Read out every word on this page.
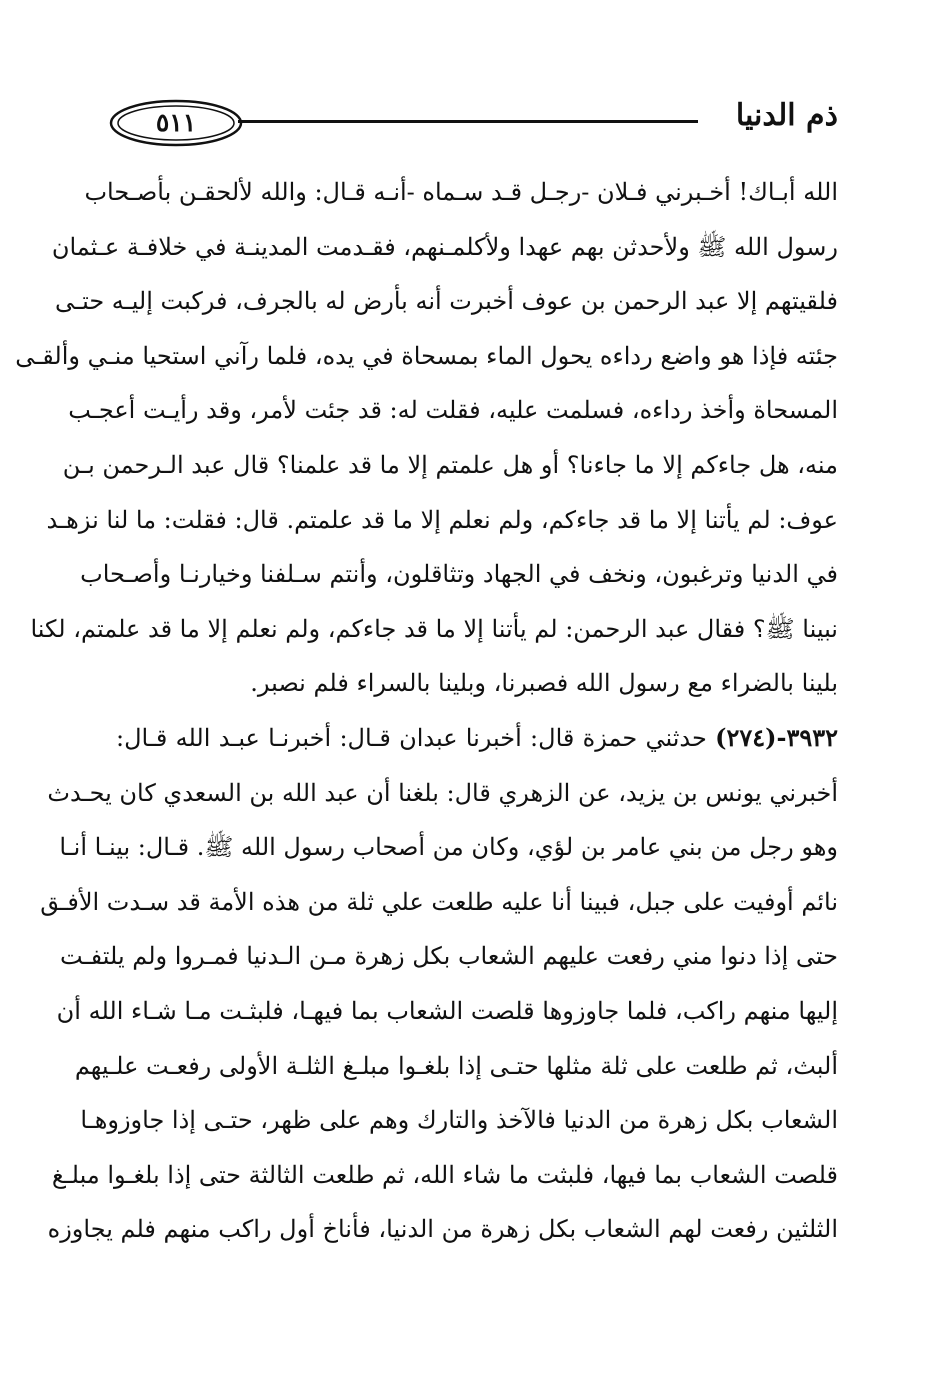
٥١١	ذم الدنيا
الله أبـاك! أخـبرني فـلان -رجـل قـد سـماه -أنـه قـال: والله لألحقـن بأصـحاب
رسول الله ﷺ ولأحدثن بهم عهدا ولأكلمـنهم، فقـدمت المدينـة في خلافـة عـثمان
فلقيتهم إلا عبد الرحمن بن عوف أخبرت أنه بأرض له بالجرف، فركبت إليـه حتـى
جئته فإذا هو واضع رداءه يحول الماء بمسحاة في يده، فلما رآني استحيا منـي وألقـى
المسحاة وأخذ رداءه، فسلمت عليه، فقلت له: قد جئت لأمر، وقد رأيـت أعجـب
منه، هل جاءكم إلا ما جاءنا؟ أو هل علمتم إلا ما قد علمنا؟ قال عبد الـرحمن بـن
عوف: لم يأتنا إلا ما قد جاءكم، ولم نعلم إلا ما قد علمتم. قال: فقلت: ما لنا نزهـد
في الدنيا وترغبون، ونخف في الجهاد وتثاقلون، وأنتم سـلفنا وخيارنـا وأصـحاب
نبينا ﷺ؟ فقال عبد الرحمن: لم يأتنا إلا ما قد جاءكم، ولم نعلم إلا ما قد علمتم، لكنا
بلينا بالضراء مع رسول الله فصبرنا، وبلينا بالسراء فلم نصبر.
٣٩٣٢-(٢٧٤) حدثني حمزة قال: أخبرنا عبدان قـال: أخبرنـا عبـد الله قـال:
أخبرني يونس بن يزيد، عن الزهري قال: بلغنا أن عبد الله بن السعدي كان يحـدث
وهو رجل من بني عامر بن لؤي، وكان من أصحاب رسول الله ﷺ. قـال: بينـا أنـا
نائم أوفيت على جبل، فبينا أنا عليه طلعت علي ثلة من هذه الأمة قد سـدت الأفـق
حتى إذا دنوا مني رفعت عليهم الشعاب بكل زهرة مـن الـدنيا فمـروا ولم يلتفـت
إليها منهم راكب، فلما جاوزوها قلصت الشعاب بما فيهـا، فلبثـت مـا شـاء الله أن
ألبث، ثم طلعت على ثلة مثلها حتـى إذا بلغـوا مبلـغ الثلـة الأولى رفعـت علـيهم
الشعاب بكل زهرة من الدنيا فالآخذ والتارك وهم على ظهر، حتـى إذا جاوزوهـا
قلصت الشعاب بما فيها، فلبثت ما شاء الله، ثم طلعت الثالثة حتى إذا بلغـوا مبلـغ
الثلثين رفعت لهم الشعاب بكل زهرة من الدنيا، فأناخ أول راكب منهم فلم يجاوزه
